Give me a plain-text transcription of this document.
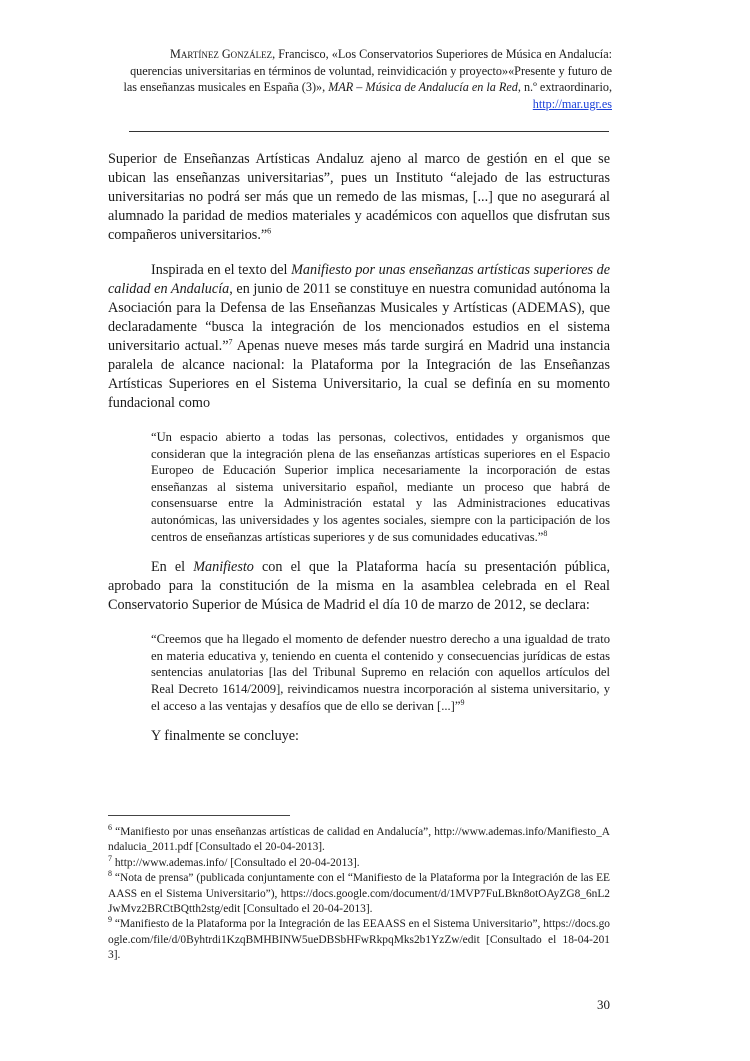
Martínez González, Francisco, «Los Conservatorios Superiores de Música en Andalucía:
querencias universitarias en términos de voluntad, reinvidicación y proyecto»«Presente y futuro de
las enseñanzas musicales en España (3)», MAR – Música de Andalucía en la Red, n.º extraordinario,
http://mar.ugr.es

Superior de Enseñanzas Artísticas Andaluz ajeno al marco de gestión en el que se ubican las enseñanzas universitarias”, pues un Instituto “alejado de las estructuras universitarias no podrá ser más que un remedo de las mismas, [...] que no asegurará al alumnado la paridad de medios materiales y académicos con aquellos que disfrutan sus compañeros universitarios.”$^6$

Inspirada en el texto del Manifiesto por unas enseñanzas artísticas superiores de calidad en Andalucía, en junio de 2011 se constituye en nuestra comunidad autónoma la Asociación para la Defensa de las Enseñanzas Musicales y Artísticas (ADEMAS), que declaradamente “busca la integración de los mencionados estudios en el sistema universitario actual.”$^7$ Apenas nueve meses más tarde surgirá en Madrid una instancia paralela de alcance nacional: la Plataforma por la Integración de las Enseñanzas Artísticas Superiores en el Sistema Universitario, la cual se definía en su momento fundacional como

“Un espacio abierto a todas las personas, colectivos, entidades y organismos que consideran que la integración plena de las enseñanzas artísticas superiores en el Espacio Europeo de Educación Superior implica necesariamente la incorporación de estas enseñanzas al sistema universitario español, mediante un proceso que habrá de consensuarse entre la Administración estatal y las Administraciones educativas autonómicas, las universidades y los agentes sociales, siempre con la participación de los centros de enseñanzas artísticas superiores y de sus comunidades educativas.”$^8$

En el Manifiesto con el que la Plataforma hacía su presentación pública, aprobado para la constitución de la misma en la asamblea celebrada en el Real Conservatorio Superior de Música de Madrid el día 10 de marzo de 2012, se declara:

“Creemos que ha llegado el momento de defender nuestro derecho a una igualdad de trato en materia educativa y, teniendo en cuenta el contenido y consecuencias jurídicas de estas sentencias anulatorias [las del Tribunal Supremo en relación con aquellos artículos del Real Decreto 1614/2009], reivindicamos nuestra incorporación al sistema universitario, y el acceso a las ventajas y desafíos que de ello se derivan [...]”$^9$

Y finalmente se concluye:

$^6$ “Manifiesto por unas enseñanzas artísticas de calidad en Andalucía”, http://www.ademas.info/Manifiesto_Andalucia_2011.pdf [Consultado el 20-04-2013].
$^7$ http://www.ademas.info/ [Consultado el 20-04-2013].
$^8$ “Nota de prensa” (publicada conjuntamente con el “Manifiesto de la Plataforma por la Integración de las EEAASS en el Sistema Universitario”), https://docs.google.com/document/d/1MVP7FuLBkn8otOAyZG8_6nL2JwMvz2BRCtBQtth2stg/edit [Consultado el 20-04-2013].
$^9$ “Manifiesto de la Plataforma por la Integración de las EEAASS en el Sistema Universitario”, https://docs.google.com/file/d/0Byhtrdi1KzqBMHBINW5ueDBSbHFwRkpqMks2b1YzZw/edit [Consultado el 18-04-2013].
30
